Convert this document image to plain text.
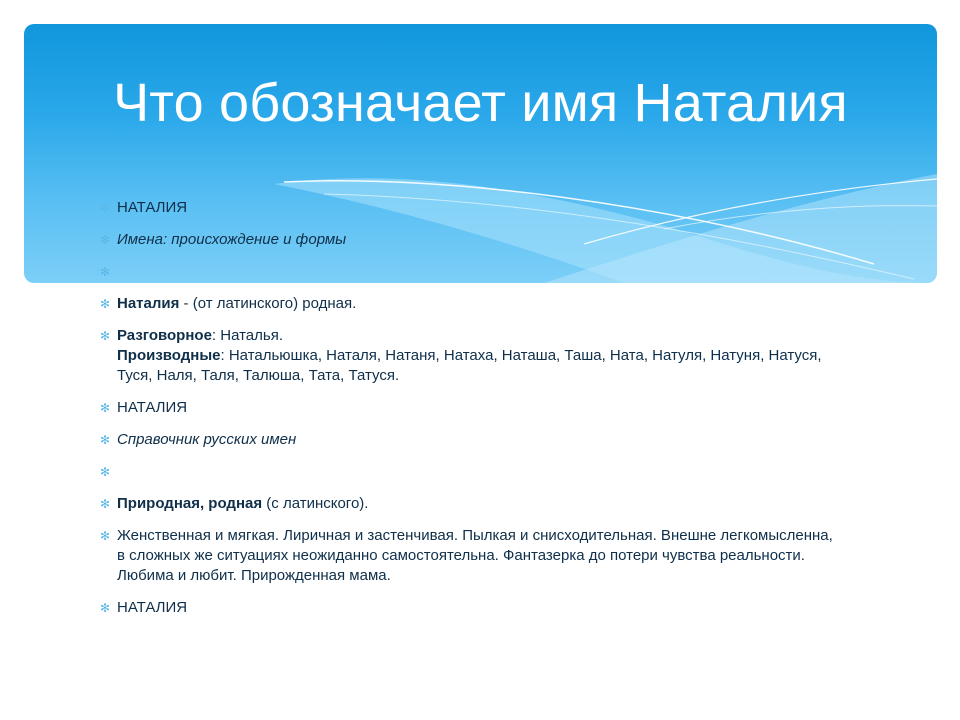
Что обозначает имя Наталия
✻ НАТАЛИЯ
✻ Имена: происхождение и формы
✻
✻ Наталия - (от латинского) родная.
✻ Разговорное: Наталья.
Производные: Натальюшка, Наталя, Натаня, Натаха, Наташа, Таша, Ната, Натуля, Натуня, Натуся, Туся, Наля, Таля, Талюша, Тата, Татуся.
✻ НАТАЛИЯ
✻ Справочник русских имен
✻
✻ Природная, родная (с латинского).
✻ Женственная и мягкая. Лиричная и застенчивая. Пылкая и снисходительная. Внешне легкомысленна, в сложных же ситуациях неожиданно самостоятельна. Фантазерка до потери чувства реальности. Любима и любит. Прирожденная мама.
✻ НАТАЛИЯ
